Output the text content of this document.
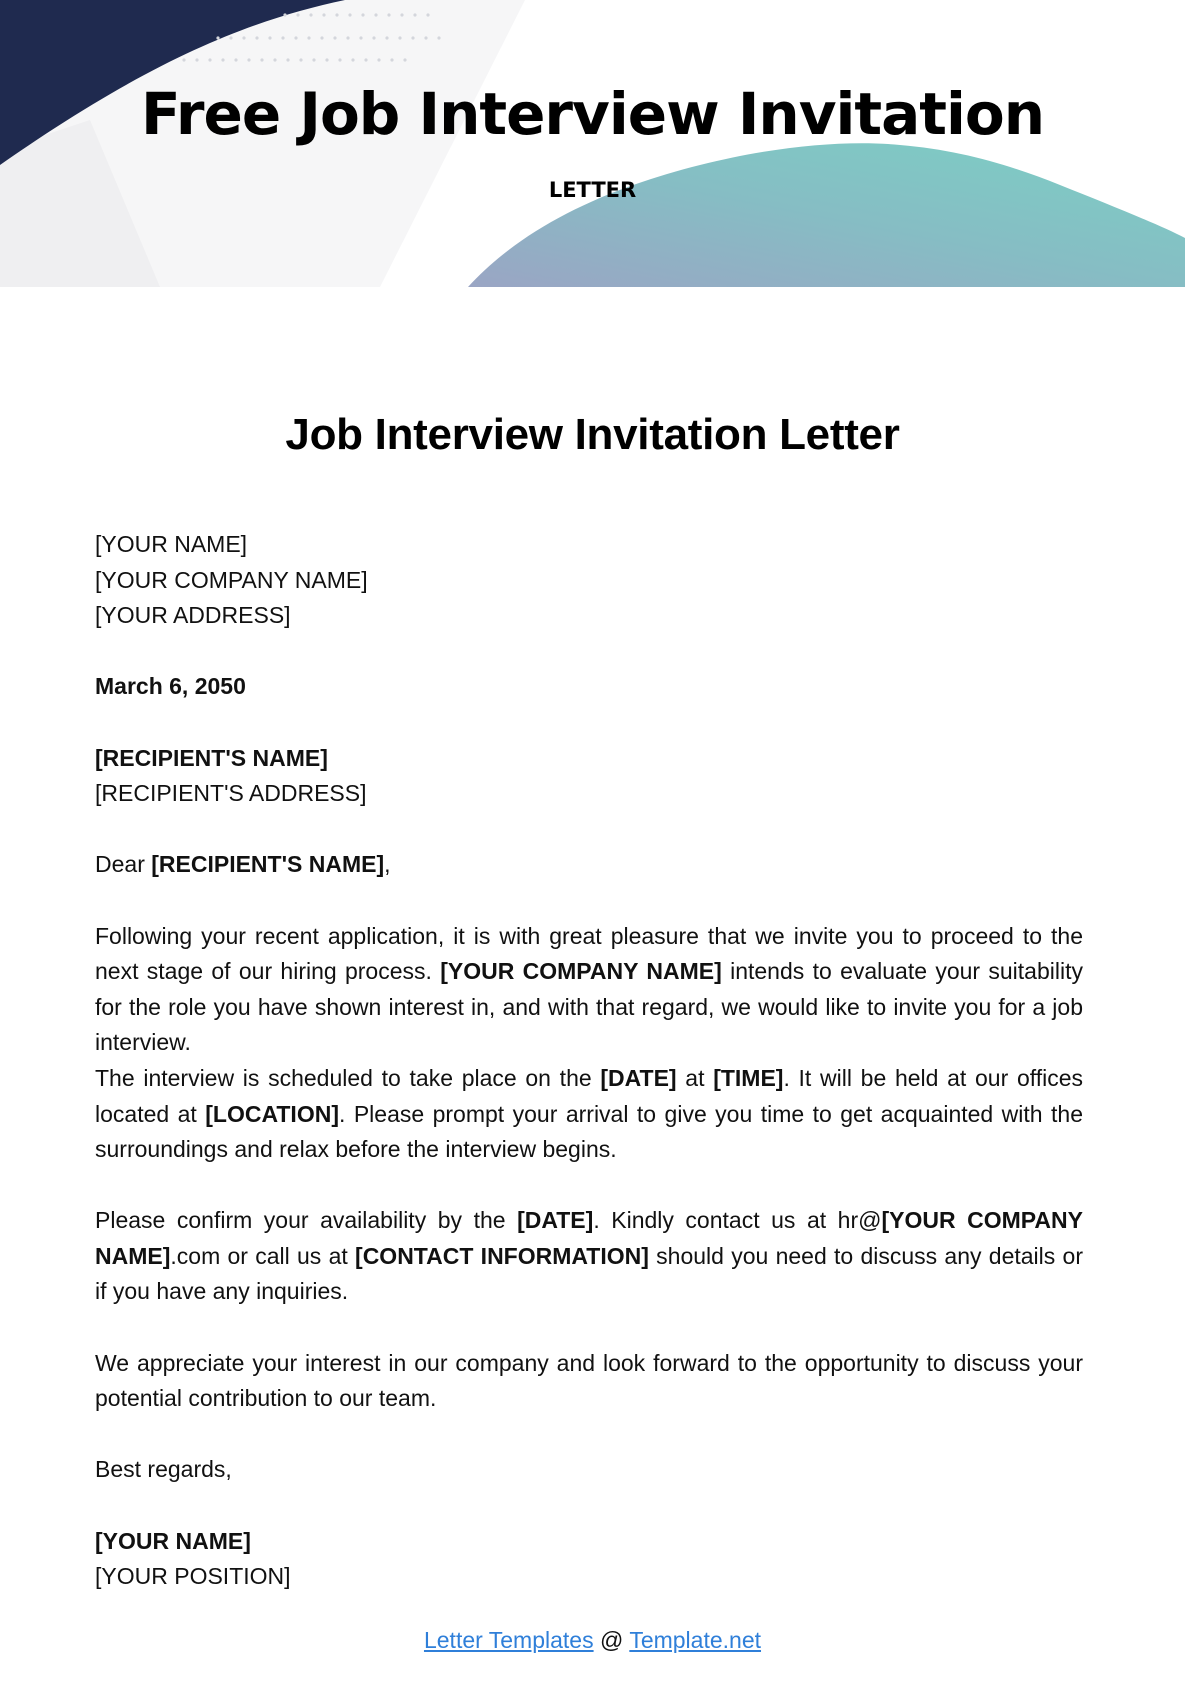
Free Job Interview Invitation
LETTER
Job Interview Invitation Letter

[YOUR NAME]

[YOUR COMPANY NAME]

[YOUR ADDRESS]

March 6, 2050

[RECIPIENT'S NAME]

[RECIPIENT'S ADDRESS]

Dear [RECIPIENT'S NAME],

Following your recent application, it is with great pleasure that we invite you to proceed to the next stage of our hiring process. [YOUR COMPANY NAME] intends to evaluate your suitability for the role you have shown interest in, and with that regard, we would like to invite you for a job interview.

The interview is scheduled to take place on the [DATE] at [TIME]. It will be held at our offices located at [LOCATION]. Please prompt your arrival to give you time to get acquainted with the surroundings and relax before the interview begins.

Please confirm your availability by the [DATE]. Kindly contact us at hr@[YOUR COMPANY NAME].com or call us at [CONTACT INFORMATION] should you need to discuss any details or if you have any inquiries.

We appreciate your interest in our company and look forward to the opportunity to discuss your potential contribution to our team.

Best regards,

[YOUR NAME]

[YOUR POSITION]

Letter Templates @ Template.net
